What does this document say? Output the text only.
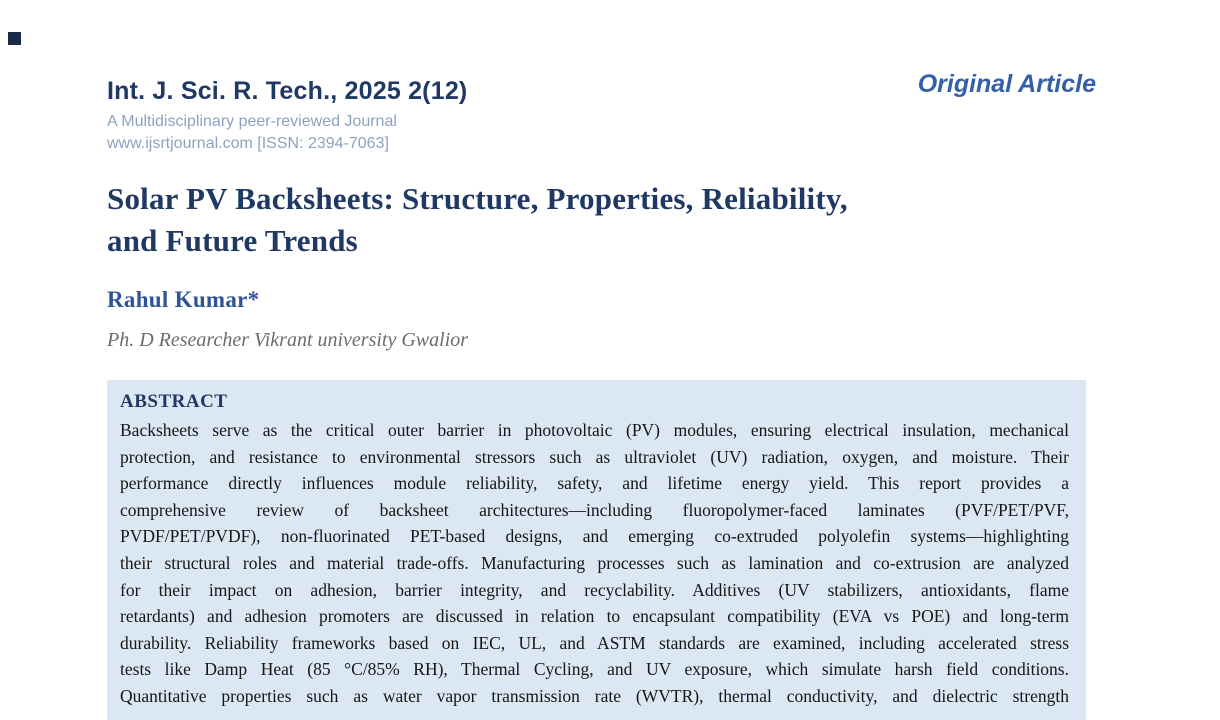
Int. J. Sci. R. Tech., 2025 2(12)
A Multidisciplinary peer-reviewed Journal
www.ijsrtjournal.com [ISSN: 2394-7063]
Original Article
Solar PV Backsheets: Structure, Properties, Reliability,
and Future Trends
Rahul Kumar*
Ph. D Researcher Vikrant university Gwalior
ABSTRACT
Backsheets serve as the critical outer barrier in photovoltaic (PV) modules, ensuring electrical insulation, mechanical
protection, and resistance to environmental stressors such as ultraviolet (UV) radiation, oxygen, and moisture. Their
performance directly influences module reliability, safety, and lifetime energy yield. This report provides a
comprehensive review of backsheet architectures—including fluoropolymer-faced laminates (PVF/PET/PVF,
PVDF/PET/PVDF), non-fluorinated PET-based designs, and emerging co-extruded polyolefin systems—highlighting
their structural roles and material trade-offs. Manufacturing processes such as lamination and co-extrusion are analyzed
for their impact on adhesion, barrier integrity, and recyclability. Additives (UV stabilizers, antioxidants, flame
retardants) and adhesion promoters are discussed in relation to encapsulant compatibility (EVA vs POE) and long-term
durability. Reliability frameworks based on IEC, UL, and ASTM standards are examined, including accelerated stress
tests like Damp Heat (85 °C/85% RH), Thermal Cycling, and UV exposure, which simulate harsh field conditions.
Quantitative properties such as water vapor transmission rate (WVTR), thermal conductivity, and dielectric strength
